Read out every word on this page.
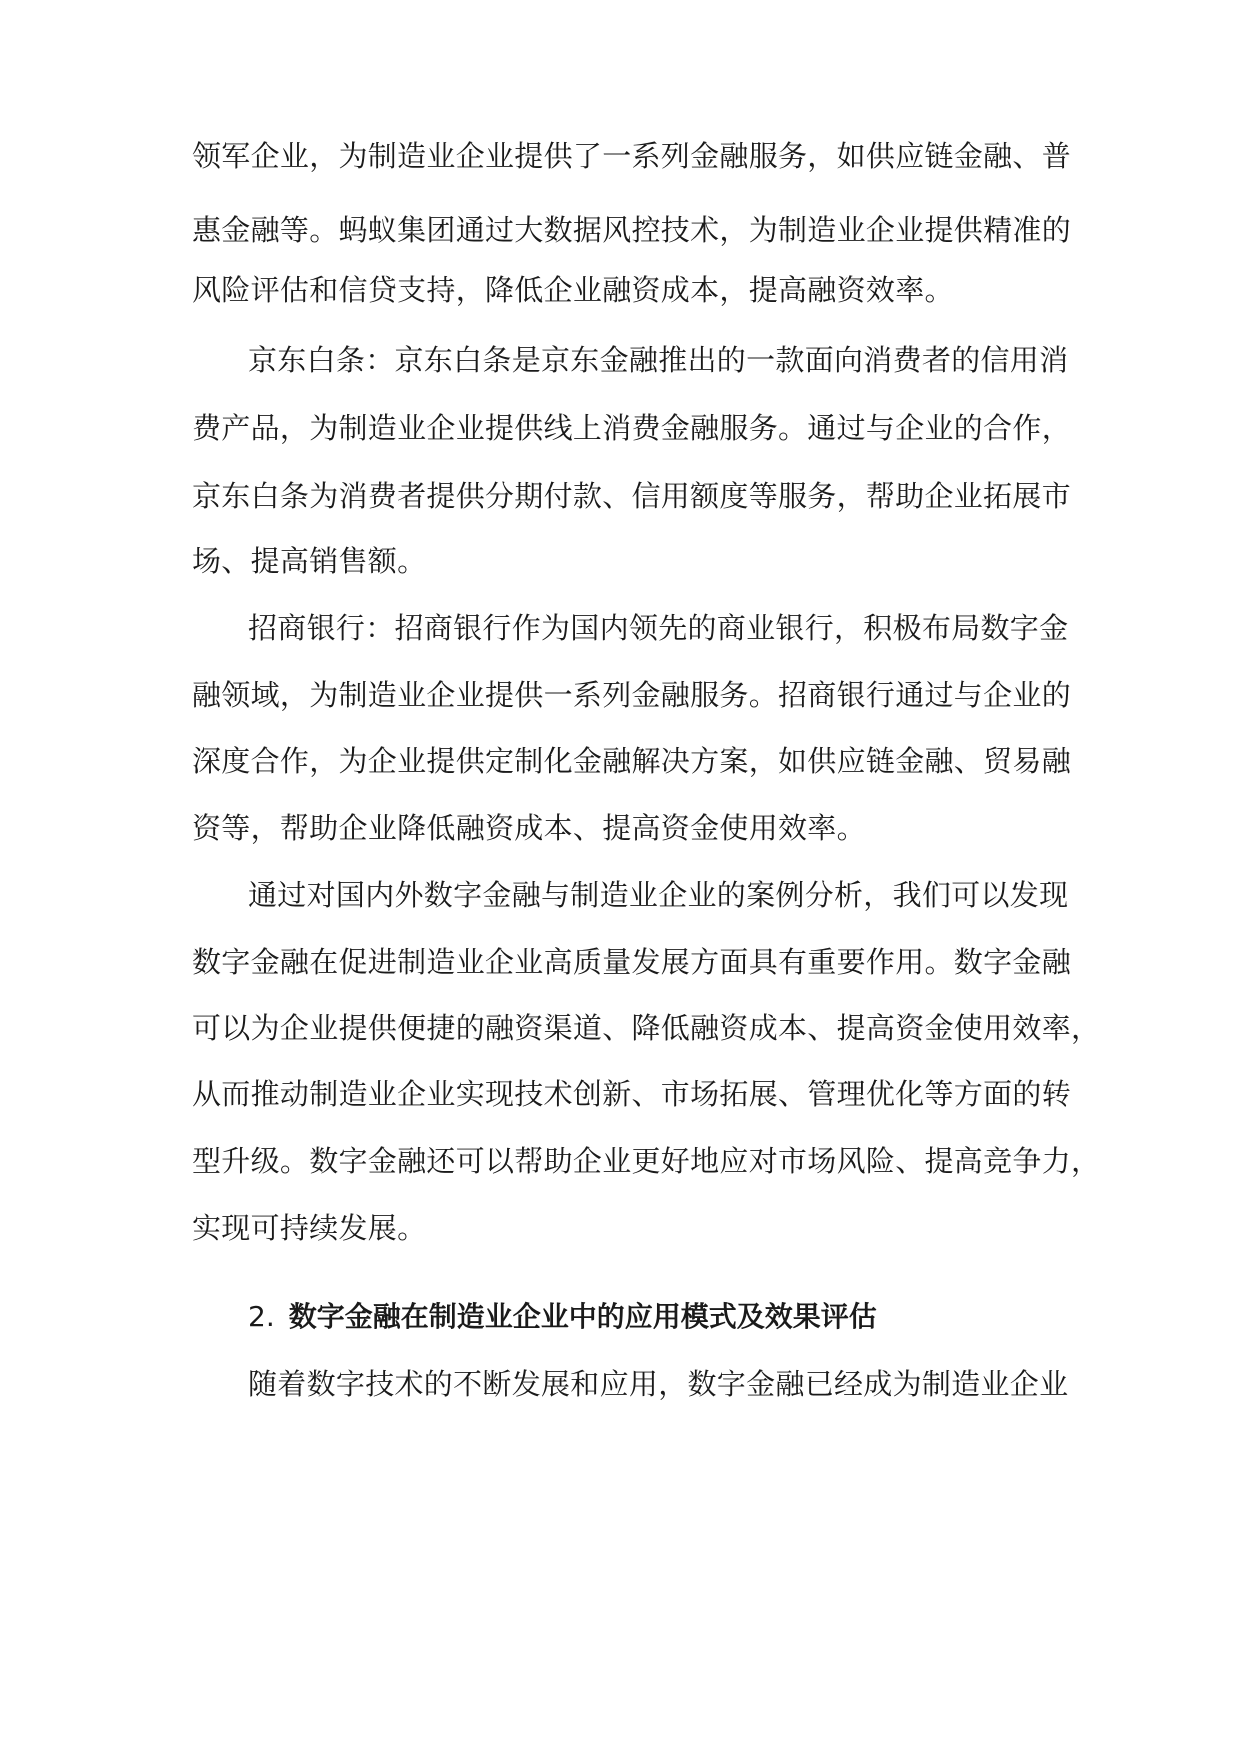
领军企业，为制造业企业提供了一系列金融服务，如供应链金融、普
惠金融等。蚂蚁集团通过大数据风控技术，为制造业企业提供精准的
风险评估和信贷支持，降低企业融资成本，提高融资效率。
京东白条：京东白条是京东金融推出的一款面向消费者的信用消
费产品，为制造业企业提供线上消费金融服务。通过与企业的合作，
京东白条为消费者提供分期付款、信用额度等服务，帮助企业拓展市
场、提高销售额。
招商银行：招商银行作为国内领先的商业银行，积极布局数字金
融领域，为制造业企业提供一系列金融服务。招商银行通过与企业的
深度合作，为企业提供定制化金融解决方案，如供应链金融、贸易融
资等，帮助企业降低融资成本、提高资金使用效率。
通过对国内外数字金融与制造业企业的案例分析，我们可以发现
数字金融在促进制造业企业高质量发展方面具有重要作用。数字金融
可以为企业提供便捷的融资渠道、降低融资成本、提高资金使用效率，
从而推动制造业企业实现技术创新、市场拓展、管理优化等方面的转
型升级。数字金融还可以帮助企业更好地应对市场风险、提高竞争力，
实现可持续发展。
2. 数字金融在制造业企业中的应用模式及效果评估
随着数字技术的不断发展和应用，数字金融已经成为制造业企业
